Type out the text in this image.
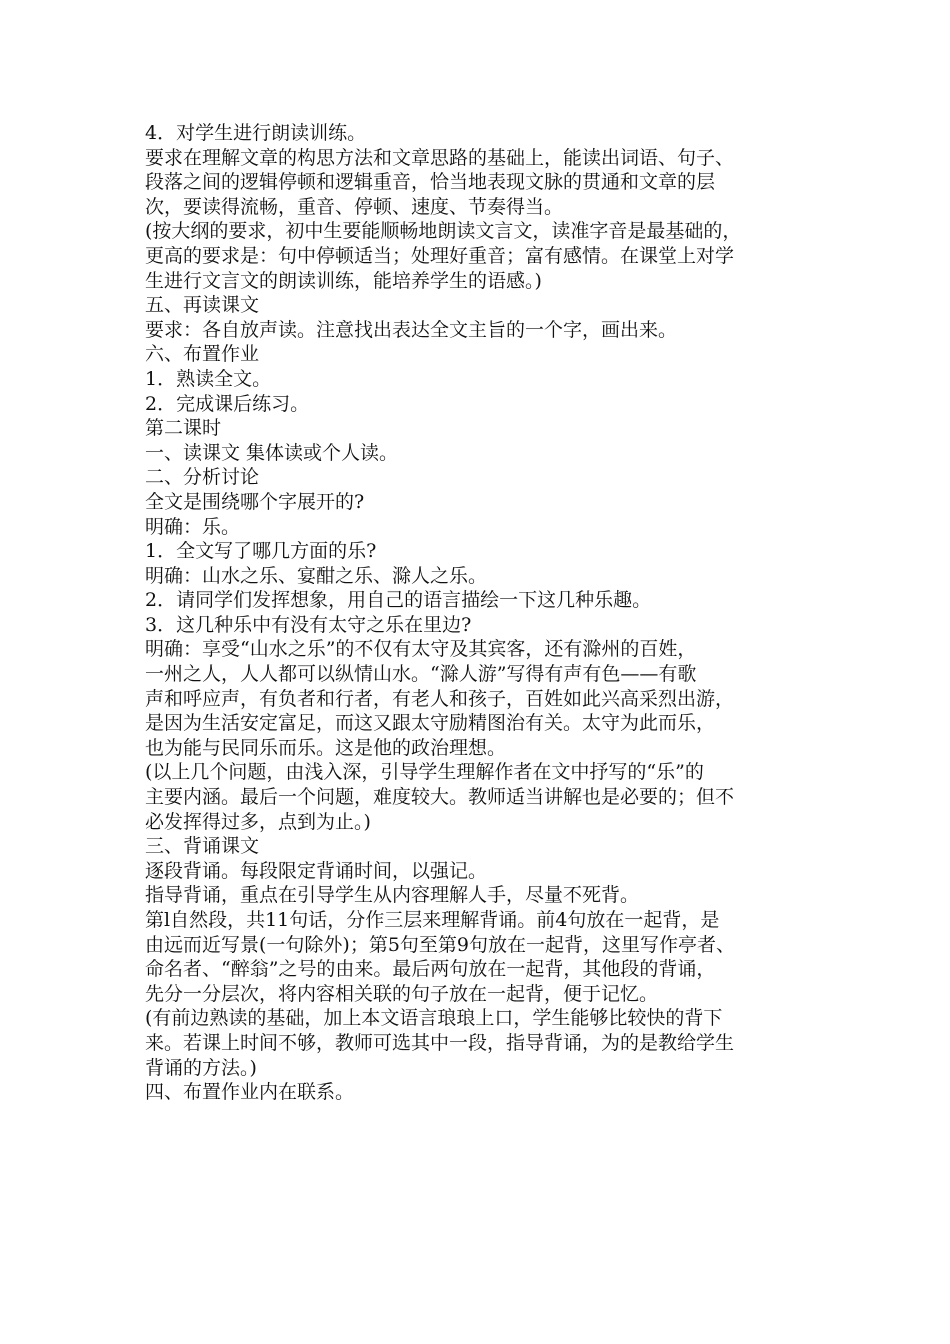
4．对学生进行朗读训练。
要求在理解文章的构思方法和文章思路的基础上，能读出词语、句子、
段落之间的逻辑停顿和逻辑重音，恰当地表现文脉的贯通和文章的层
次，要读得流畅，重音、停顿、速度、节奏得当。
(按大纲的要求，初中生要能顺畅地朗读文言文，读准字音是最基础的，
更高的要求是：句中停顿适当；处理好重音；富有感情。在课堂上对学
生进行文言文的朗读训练，能培养学生的语感。)
五、再读课文
要求：各自放声读。注意找出表达全文主旨的一个字，画出来。
六、布置作业
1．熟读全文。
2．完成课后练习。
第二课时
一、读课文 集体读或个人读。
二、分析讨论
全文是围绕哪个字展开的?
明确：乐。
1．全文写了哪几方面的乐?
明确：山水之乐、宴酣之乐、滁人之乐。
2．请同学们发挥想象，用自己的语言描绘一下这几种乐趣。
3．这几种乐中有没有太守之乐在里边?
明确：享受“山水之乐”的不仅有太守及其宾客，还有滁州的百姓，
一州之人，人人都可以纵情山水。“滁人游”写得有声有色——有歌
声和呼应声，有负者和行者，有老人和孩子，百姓如此兴高采烈出游，
是因为生活安定富足，而这又跟太守励精图治有关。太守为此而乐，
也为能与民同乐而乐。这是他的政治理想。
(以上几个问题，由浅入深，引导学生理解作者在文中抒写的“乐”的
主要内涵。最后一个问题，难度较大。教师适当讲解也是必要的；但不
必发挥得过多，点到为止。)
三、背诵课文
逐段背诵。每段限定背诵时间，以强记。
指导背诵，重点在引导学生从内容理解人手，尽量不死背。
第l自然段，共11句话，分作三层来理解背诵。前4句放在一起背，是
由远而近写景(一句除外)；第5句至第9句放在一起背，这里写作亭者、
命名者、“醉翁”之号的由来。最后两句放在一起背，其他段的背诵，
先分一分层次，将内容相关联的句子放在一起背，便于记忆。
(有前边熟读的基础，加上本文语言琅琅上口，学生能够比较快的背下
来。若课上时间不够，教师可选其中一段，指导背诵，为的是教给学生
背诵的方法。)
四、布置作业内在联系。
